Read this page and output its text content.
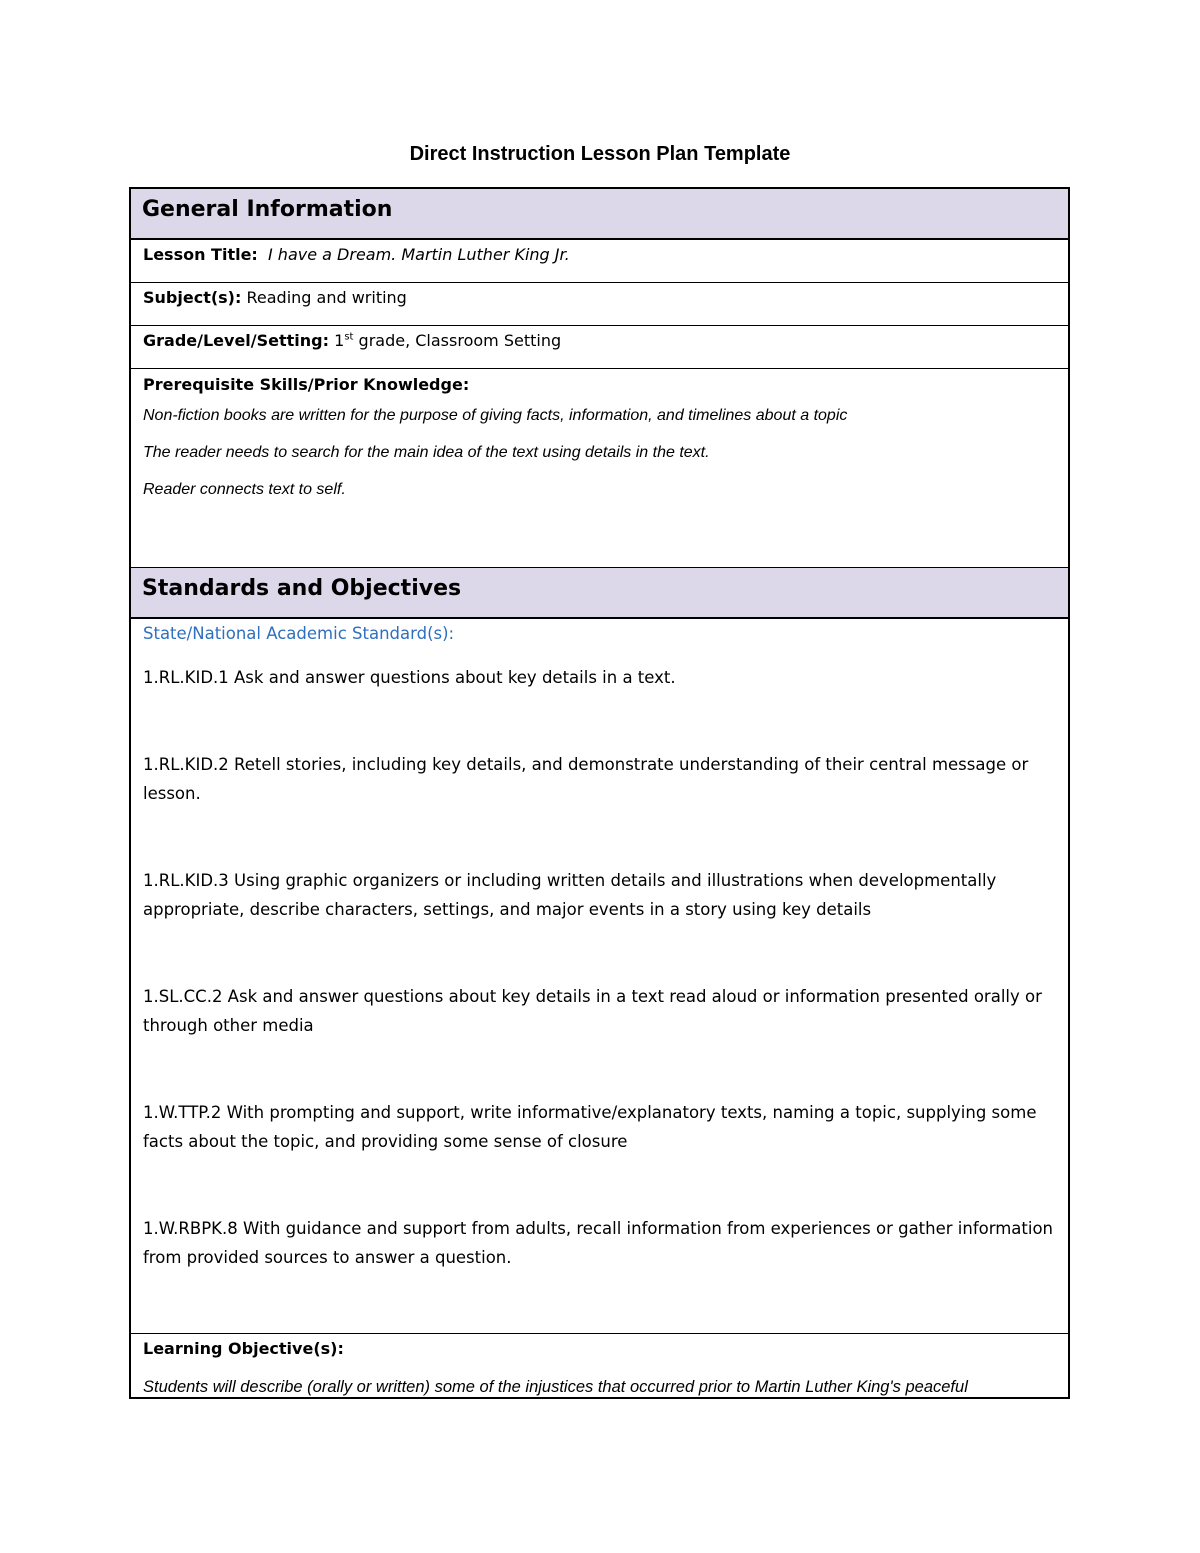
Direct Instruction Lesson Plan Template
General Information
Lesson Title: I have a Dream. Martin Luther King Jr.
Subject(s): Reading and writing
Grade/Level/Setting: 1st grade, Classroom Setting
Prerequisite Skills/Prior Knowledge:
Non-fiction books are written for the purpose of giving facts, information, and timelines about a topic
The reader needs to search for the main idea of the text using details in the text.
Reader connects text to self.
Standards and Objectives
State/National Academic Standard(s):
1.RL.KID.1 Ask and answer questions about key details in a text.
1.RL.KID.2 Retell stories, including key details, and demonstrate understanding of their central message or lesson.
1.RL.KID.3 Using graphic organizers or including written details and illustrations when developmentally appropriate, describe characters, settings, and major events in a story using key details
1.SL.CC.2 Ask and answer questions about key details in a text read aloud or information presented orally or through other media
1.W.TTP.2 With prompting and support, write informative/explanatory texts, naming a topic, supplying some facts about the topic, and providing some sense of closure
1.W.RBPK.8 With guidance and support from adults, recall information from experiences or gather information from provided sources to answer a question.
Learning Objective(s):
Students will describe (orally or written) some of the injustices that occurred prior to Martin Luther King's peaceful
